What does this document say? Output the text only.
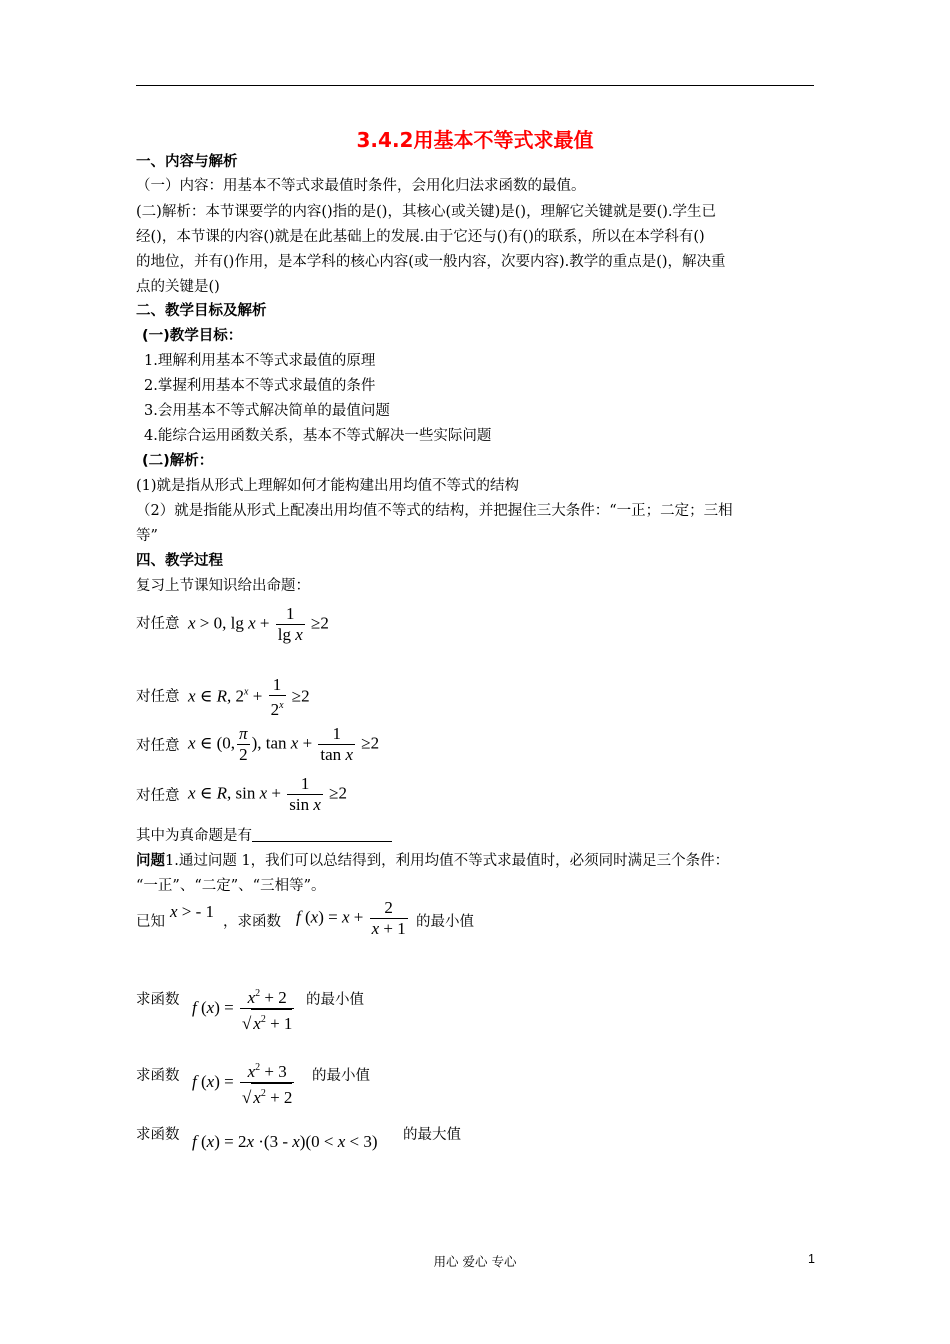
3.4.2用基本不等式求最值
一、内容与解析
（一）内容：用基本不等式求最值时条件，会用化归法求函数的最值。
(二)解析：本节课要学的内容()指的是()，其核心(或关键)是()，理解它关键就是要().学生已
经()，本节课的内容()就是在此基础上的发展.由于它还与()有()的联系，所以在本学科有()
的地位，并有()作用，是本学科的核心内容(或一般内容，次要内容).教学的重点是()，解决重
点的关键是()
二、教学目标及解析
(一)教学目标：
1.理解利用基本不等式求最值的原理
2.掌握利用基本不等式求最值的条件
3.会用基本不等式解决简单的最值问题
4.能综合运用函数关系，基本不等式解决一些实际问题
(二)解析：
(1)就是指从形式上理解如何才能构建出用均值不等式的结构
（2）就是指能从形式上配凑出用均值不等式的结构，并把握住三大条件：“一正；二定；三相
等”
四、教学过程
复习上节课知识给出命题：
对任意 x > 0, $\lg x + \frac{1}{\text{lg x}} \ge 2$
对任意 x ∈ R, $2^x + \frac{1}{2^x} \ge 2$
对任意 x ∈ (0, $\frac{\pi}{2}$ ), $\tan x + \frac{1}{\text{tan x}} \ge 2$
对任意 x ∈ R, $\sin x + \frac{1}{\text{sin x}} \ge 2$
其中为真命题是有
问题1.通过问题 1，我们可以总结得到，利用均值不等式求最值时，必须同时满足三个条件：
“一正”、“二定”、“三相等”。
已知
x > - 1
，求函数 f $(x) = x + \frac{2}{x + 1}$ 的最小值
求函数 f $(x) = \frac{x^2 + 2}{√ x^2 + 1}$ 的最小值
求函数 f $(x) = \frac{x^2 + 3}{√ x^2 + 2}$ 的最小值
求函数 f (x) = 2x ·(3 - x)(0 < x < 3) 的最大值
用心 爱心 专心	1
